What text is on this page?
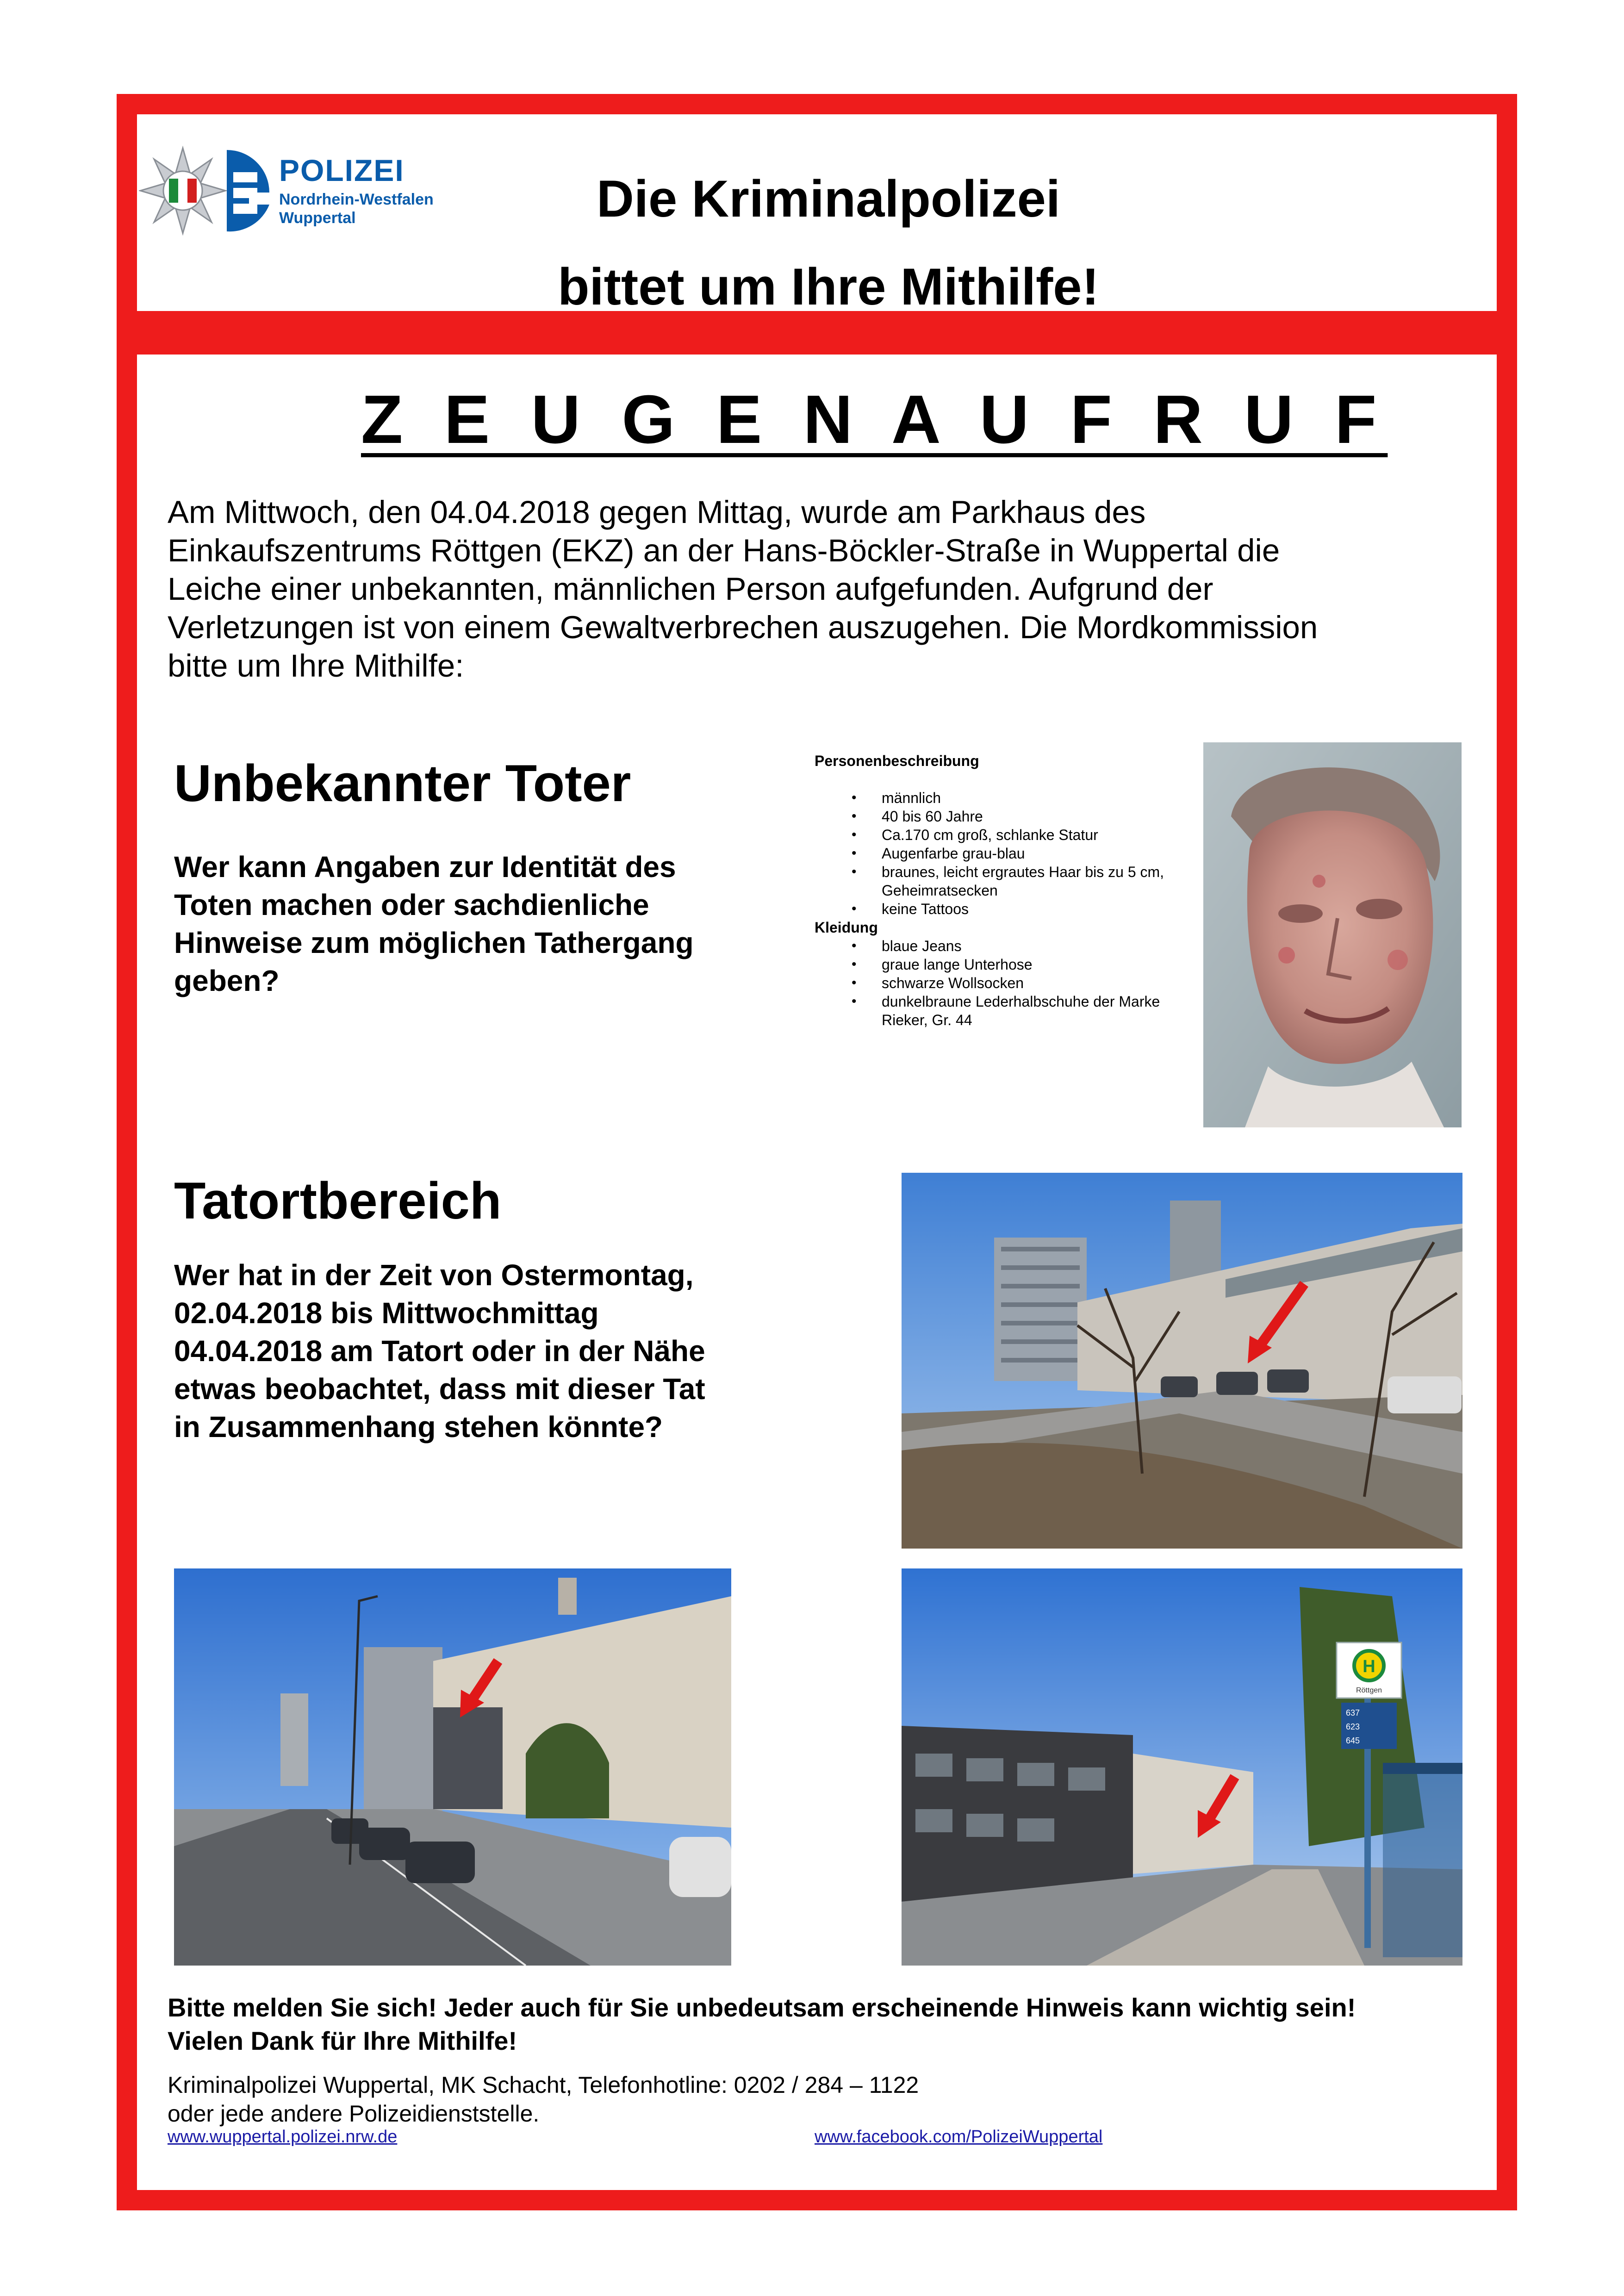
POLIZEI
Nordrhein-Westfalen
Wuppertal	Die Kriminalpolizei
bittet um Ihre Mithilfe!
Z E U G E N A U F R U F
Am Mittwoch, den 04.04.2018 gegen Mittag, wurde am Parkhaus des
Einkaufszentrums Röttgen (EKZ) an der Hans-Böckler-Straße in Wuppertal die
Leiche einer unbekannten, männlichen Person aufgefunden. Aufgrund der
Verletzungen ist von einem Gewaltverbrechen auszugehen. Die Mordkommission
bitte um Ihre Mithilfe:
Unbekannter Toter
Wer kann Angaben zur Identität des
Toten machen oder sachdienliche
Hinweise zum möglichen Tathergang
geben?
Personenbeschreibung
• männlich
• 40 bis 60 Jahre
• Ca.170 cm groß, schlanke Statur
• Augenfarbe grau-blau
• braunes, leicht ergrautes Haar bis zu 5 cm, Geheimratsecken
• keine Tattoos
Kleidung
• blaue Jeans
• graue lange Unterhose
• schwarze Wollsocken
• dunkelbraune Lederhalbschuhe der Marke Rieker, Gr. 44
Tatortbereich
Wer hat in der Zeit von Ostermontag,
02.04.2018 bis Mittwochmittag
04.04.2018 am Tatort oder in der Nähe
etwas beobachtet, dass mit dieser Tat
in Zusammenhang stehen könnte?
H
Röttgen
637
623
645
Bitte melden Sie sich! Jeder auch für Sie unbedeutsam erscheinende Hinweis kann wichtig sein!
Vielen Dank für Ihre Mithilfe!
Kriminalpolizei Wuppertal, MK Schacht, Telefonhotline: 0202 / 284 – 1122
oder jede andere Polizeidienststelle.
www.wuppertal.polizei.nrw.de	www.facebook.com/PolizeiWuppertal
